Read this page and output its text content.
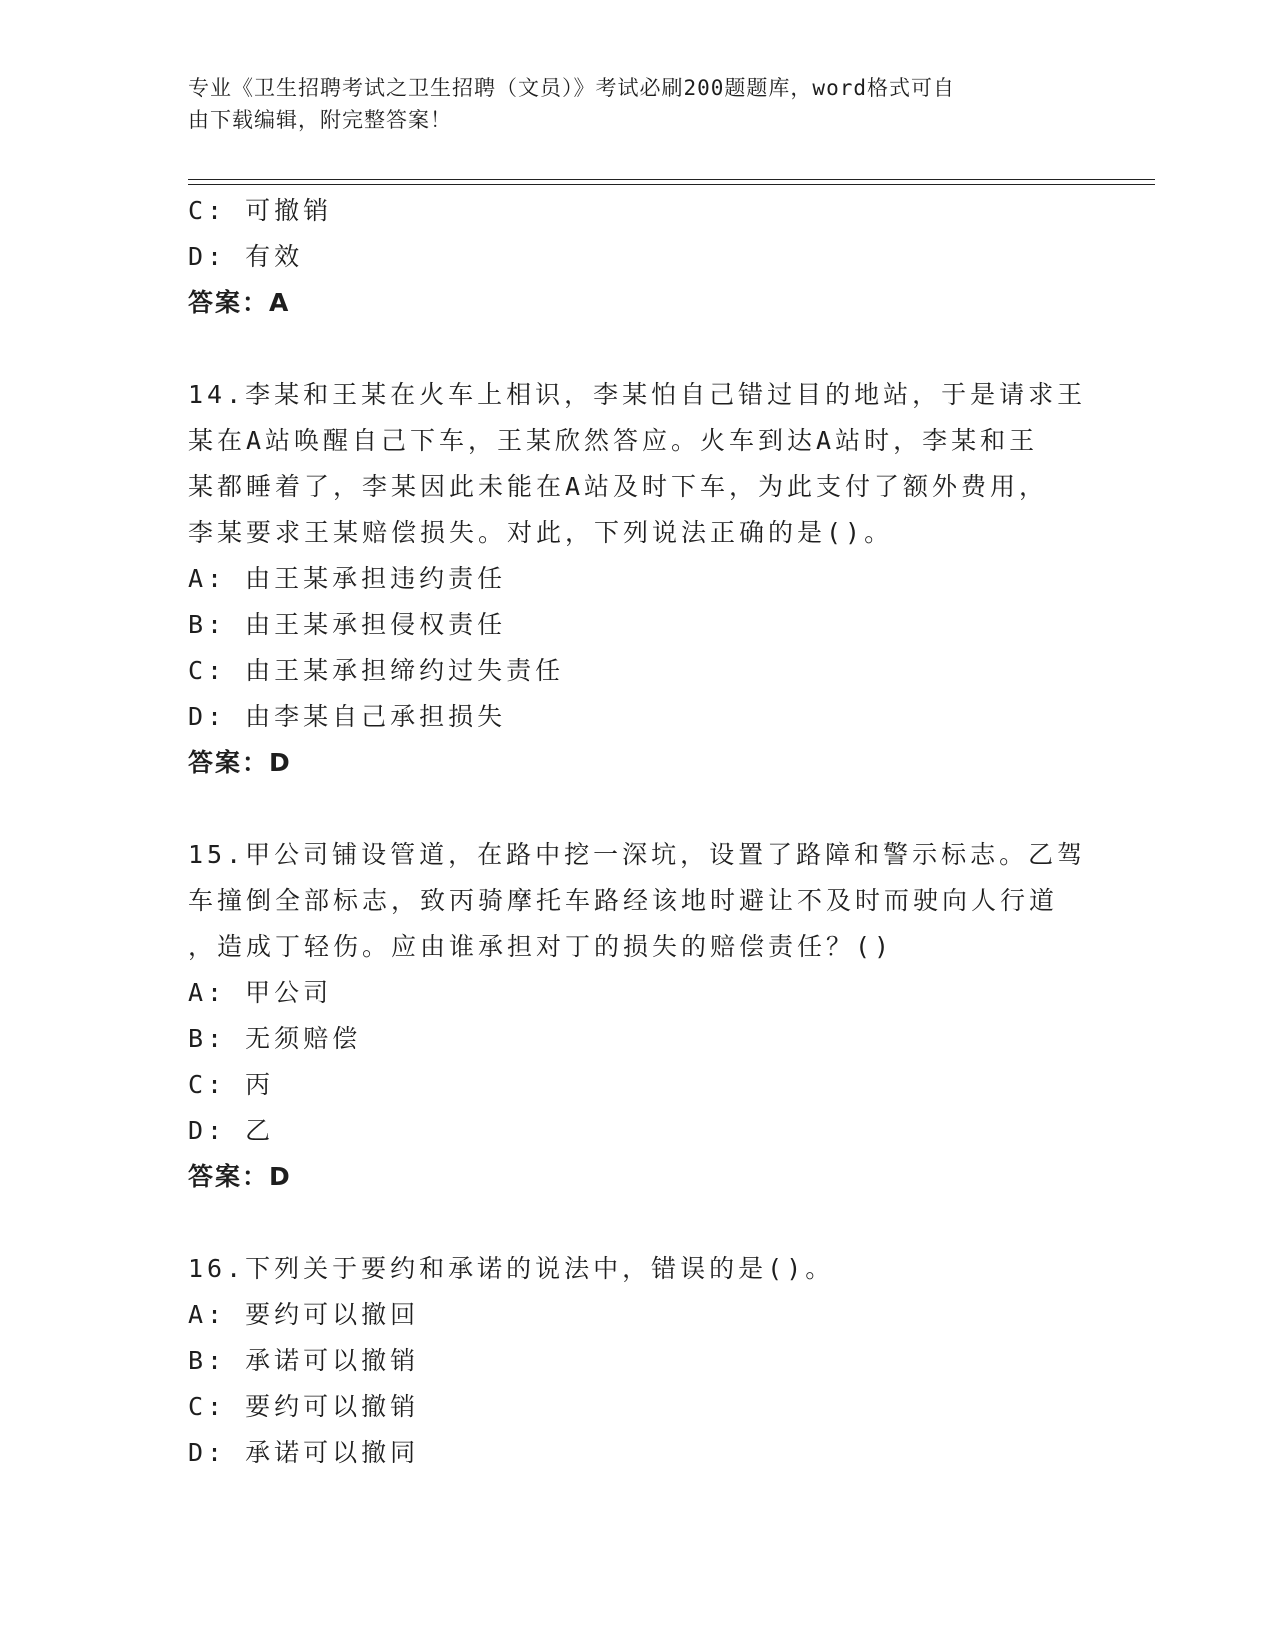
专业《卫生招聘考试之卫生招聘（文员）》考试必刷200题题库，word格式可自
由下载编辑，附完整答案！
C: 可撤销
D: 有效
答案：A
14.李某和王某在火车上相识，李某怕自己错过目的地站，于是请求王
某在A站唤醒自己下车，王某欣然答应。火车到达A站时，李某和王
某都睡着了，李某因此未能在A站及时下车，为此支付了额外费用，
李某要求王某赔偿损失。对此，下列说法正确的是()。
A: 由王某承担违约责任
B: 由王某承担侵权责任
C: 由王某承担缔约过失责任
D: 由李某自己承担损失
答案：D
15.甲公司铺设管道，在路中挖一深坑，设置了路障和警示标志。乙驾
车撞倒全部标志，致丙骑摩托车路经该地时避让不及时而驶向人行道
，造成丁轻伤。应由谁承担对丁的损失的赔偿责任？()
A: 甲公司
B: 无须赔偿
C: 丙
D: 乙
答案：D
16.下列关于要约和承诺的说法中，错误的是()。
A: 要约可以撤回
B: 承诺可以撤销
C: 要约可以撤销
D: 承诺可以撤同
